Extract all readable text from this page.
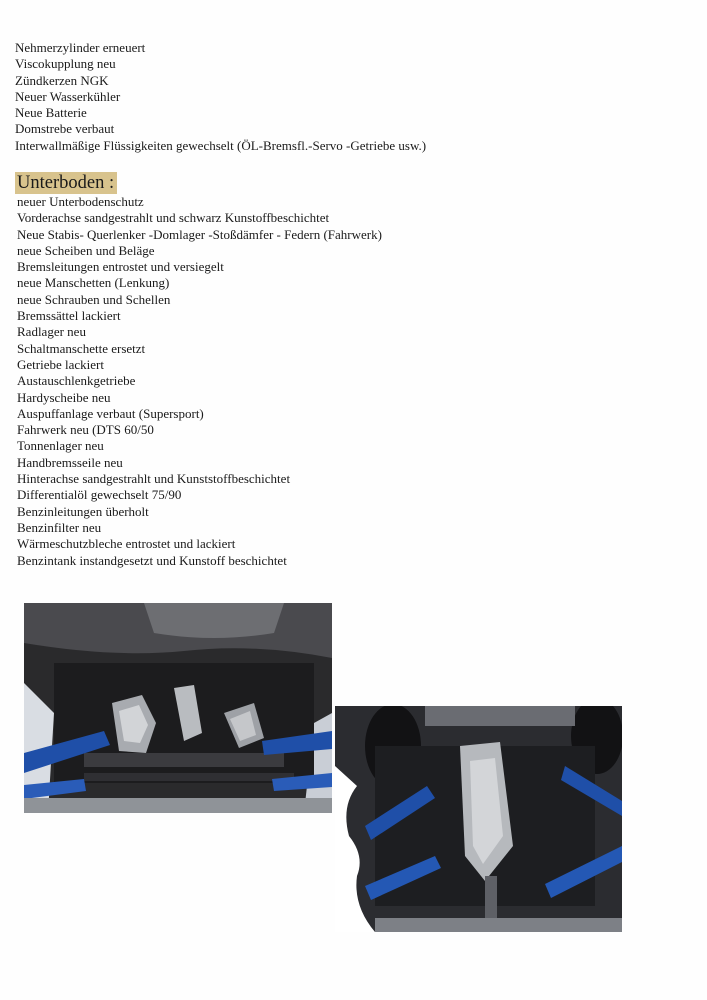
Nehmerzylinder erneuert
Viscokupplung neu
Zündkerzen NGK
Neuer Wasserkühler
Neue Batterie
Domstrebe verbaut
Interwallmäßige Flüssigkeiten gewechselt (ÖL-Bremsfl.-Servo -Getriebe usw.)
Unterboden :
neuer Unterbodenschutz
Vorderachse sandgestrahlt und schwarz Kunstoffbeschichtet
Neue Stabis- Querlenker -Domlager -Stoßdämfer - Federn (Fahrwerk)
neue Scheiben und Beläge
Bremsleitungen entrostet und versiegelt
neue Manschetten (Lenkung)
neue Schrauben und Schellen
Bremssättel lackiert
Radlager neu
Schaltmanschette ersetzt
Getriebe lackiert
Austauschlenkgetriebe
Hardyscheibe neu
Auspuffanlage verbaut (Supersport)
Fahrwerk neu (DTS 60/50
Tonnenlager neu
Handbremsseile neu
Hinterachse sandgestrahlt und Kunststoffbeschichtet
Differentialöl gewechselt 75/90
Benzinleitungen überholt
Benzinfilter neu
Wärmeschutzbleche entrostet und lackiert
Benzintank instandgesetzt und Kunstoff beschichtet
